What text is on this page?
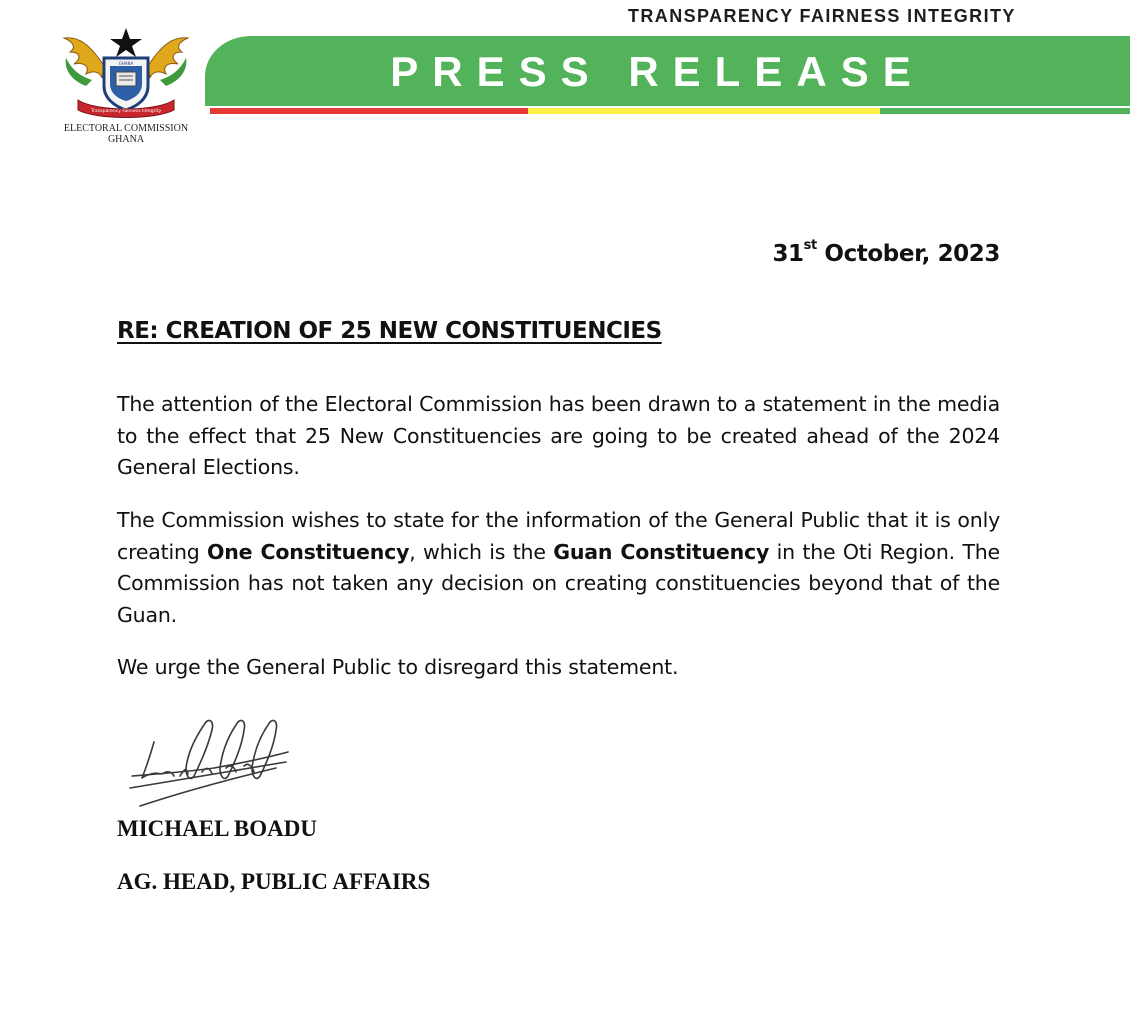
TRANSPARENCY FAIRNESS INTEGRITY
PRESS RELEASE
GHANA
Transparency Fairness Integrity
ELECTORAL COMMISSION
GHANA
31st October, 2023
RE: CREATION OF 25 NEW CONSTITUENCIES

The attention of the Electoral Commission has been drawn to a statement in the media to the effect that 25 New Constituencies are going to be created ahead of the 2024 General Elections.

The Commission wishes to state for the information of the General Public that it is only creating One Constituency, which is the Guan Constituency in the Oti Region. The Commission has not taken any decision on creating constituencies beyond that of the Guan.

We urge the General Public to disregard this statement.

MICHAEL BOADU
AG. HEAD, PUBLIC AFFAIRS
